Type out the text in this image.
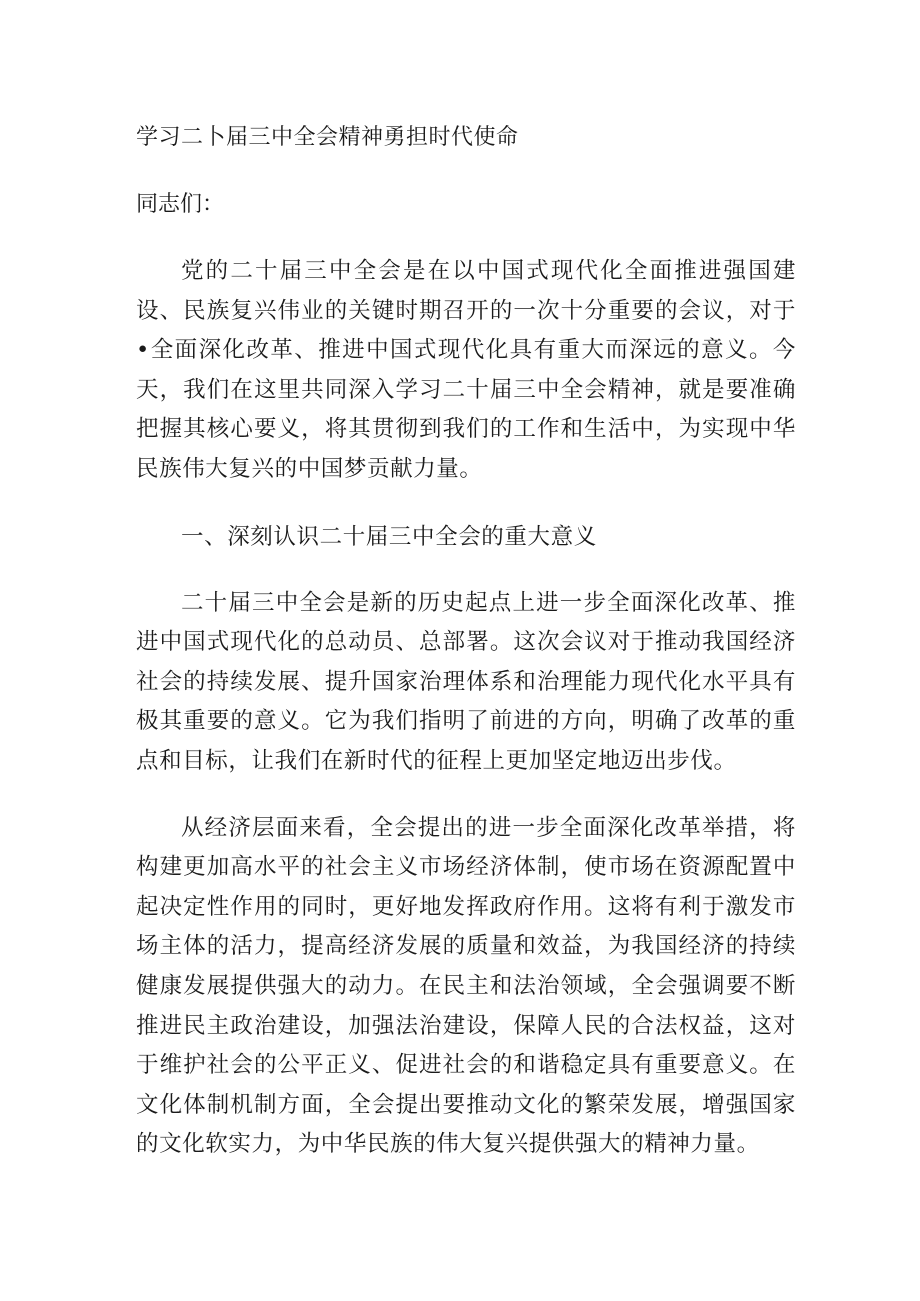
学习二卜届三中全会精神勇担时代使命

同志们：

党的二十届三中全会是在以中国式现代化全面推进强国建设、民族复兴伟业的关键时期召开的一次十分重要的会议，对于•全面深化改革、推进中国式现代化具有重大而深远的意义。今天，我们在这里共同深入学习二十届三中全会精神，就是要准确把握其核心要义，将其贯彻到我们的工作和生活中，为实现中华民族伟大复兴的中国梦贡献力量。

一、深刻认识二十届三中全会的重大意义

二十届三中全会是新的历史起点上进一步全面深化改革、推进中国式现代化的总动员、总部署。这次会议对于推动我国经济社会的持续发展、提升国家治理体系和治理能力现代化水平具有极其重要的意义。它为我们指明了前进的方向，明确了改革的重点和目标，让我们在新时代的征程上更加坚定地迈出步伐。

从经济层面来看，全会提出的进一步全面深化改革举措，将构建更加高水平的社会主义市场经济体制，使市场在资源配置中起决定性作用的同时，更好地发挥政府作用。这将有利于激发市场主体的活力，提高经济发展的质量和效益，为我国经济的持续健康发展提供强大的动力。在民主和法治领域，全会强调要不断推进民主政治建设，加强法治建设，保障人民的合法权益，这对于维护社会的公平正义、促进社会的和谐稳定具有重要意义。在文化体制机制方面，全会提出要推动文化的繁荣发展，增强国家的文化软实力，为中华民族的伟大复兴提供强大的精神力量。
